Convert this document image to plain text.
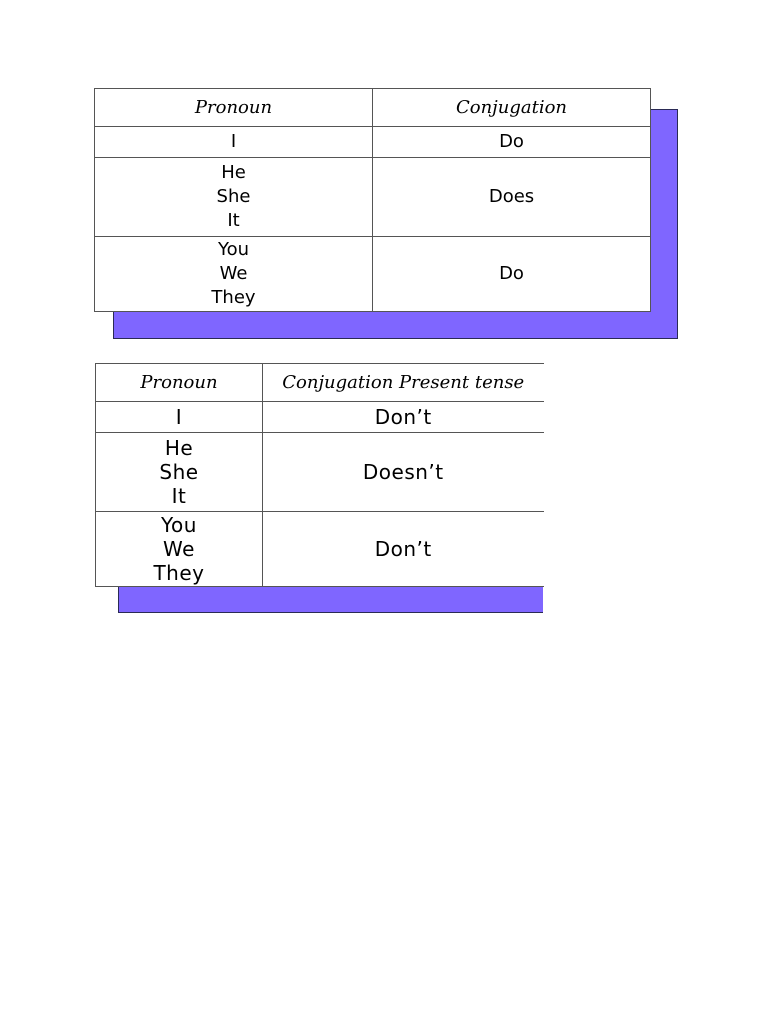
Pronoun	Conjugation

I	Do

He
She
It	Does

You
We
They	Do
Pronoun	Conjugation Present tense

I	Don’t

He
She
It	Doesn’t

You
We
They	Don’t
